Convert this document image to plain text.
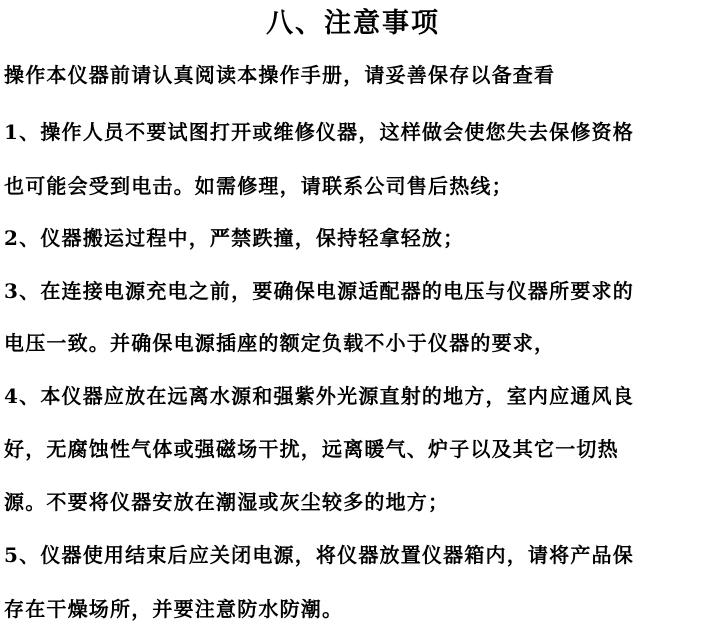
八、注意事项
操作本仪器前请认真阅读本操作手册，请妥善保存以备查看
1、操作人员不要试图打开或维修仪器，这样做会使您失去保修资格
也可能会受到电击。如需修理，请联系公司售后热线；
2、仪器搬运过程中，严禁跌撞，保持轻拿轻放；
3、在连接电源充电之前，要确保电源适配器的电压与仪器所要求的
电压一致。并确保电源插座的额定负载不小于仪器的要求，
4、本仪器应放在远离水源和强紫外光源直射的地方，室内应通风良
好，无腐蚀性气体或强磁场干扰，远离暖气、炉子以及其它一切热
源。不要将仪器安放在潮湿或灰尘较多的地方；
5、仪器使用结束后应关闭电源，将仪器放置仪器箱内，请将产品保
存在干燥场所，并要注意防水防潮。
